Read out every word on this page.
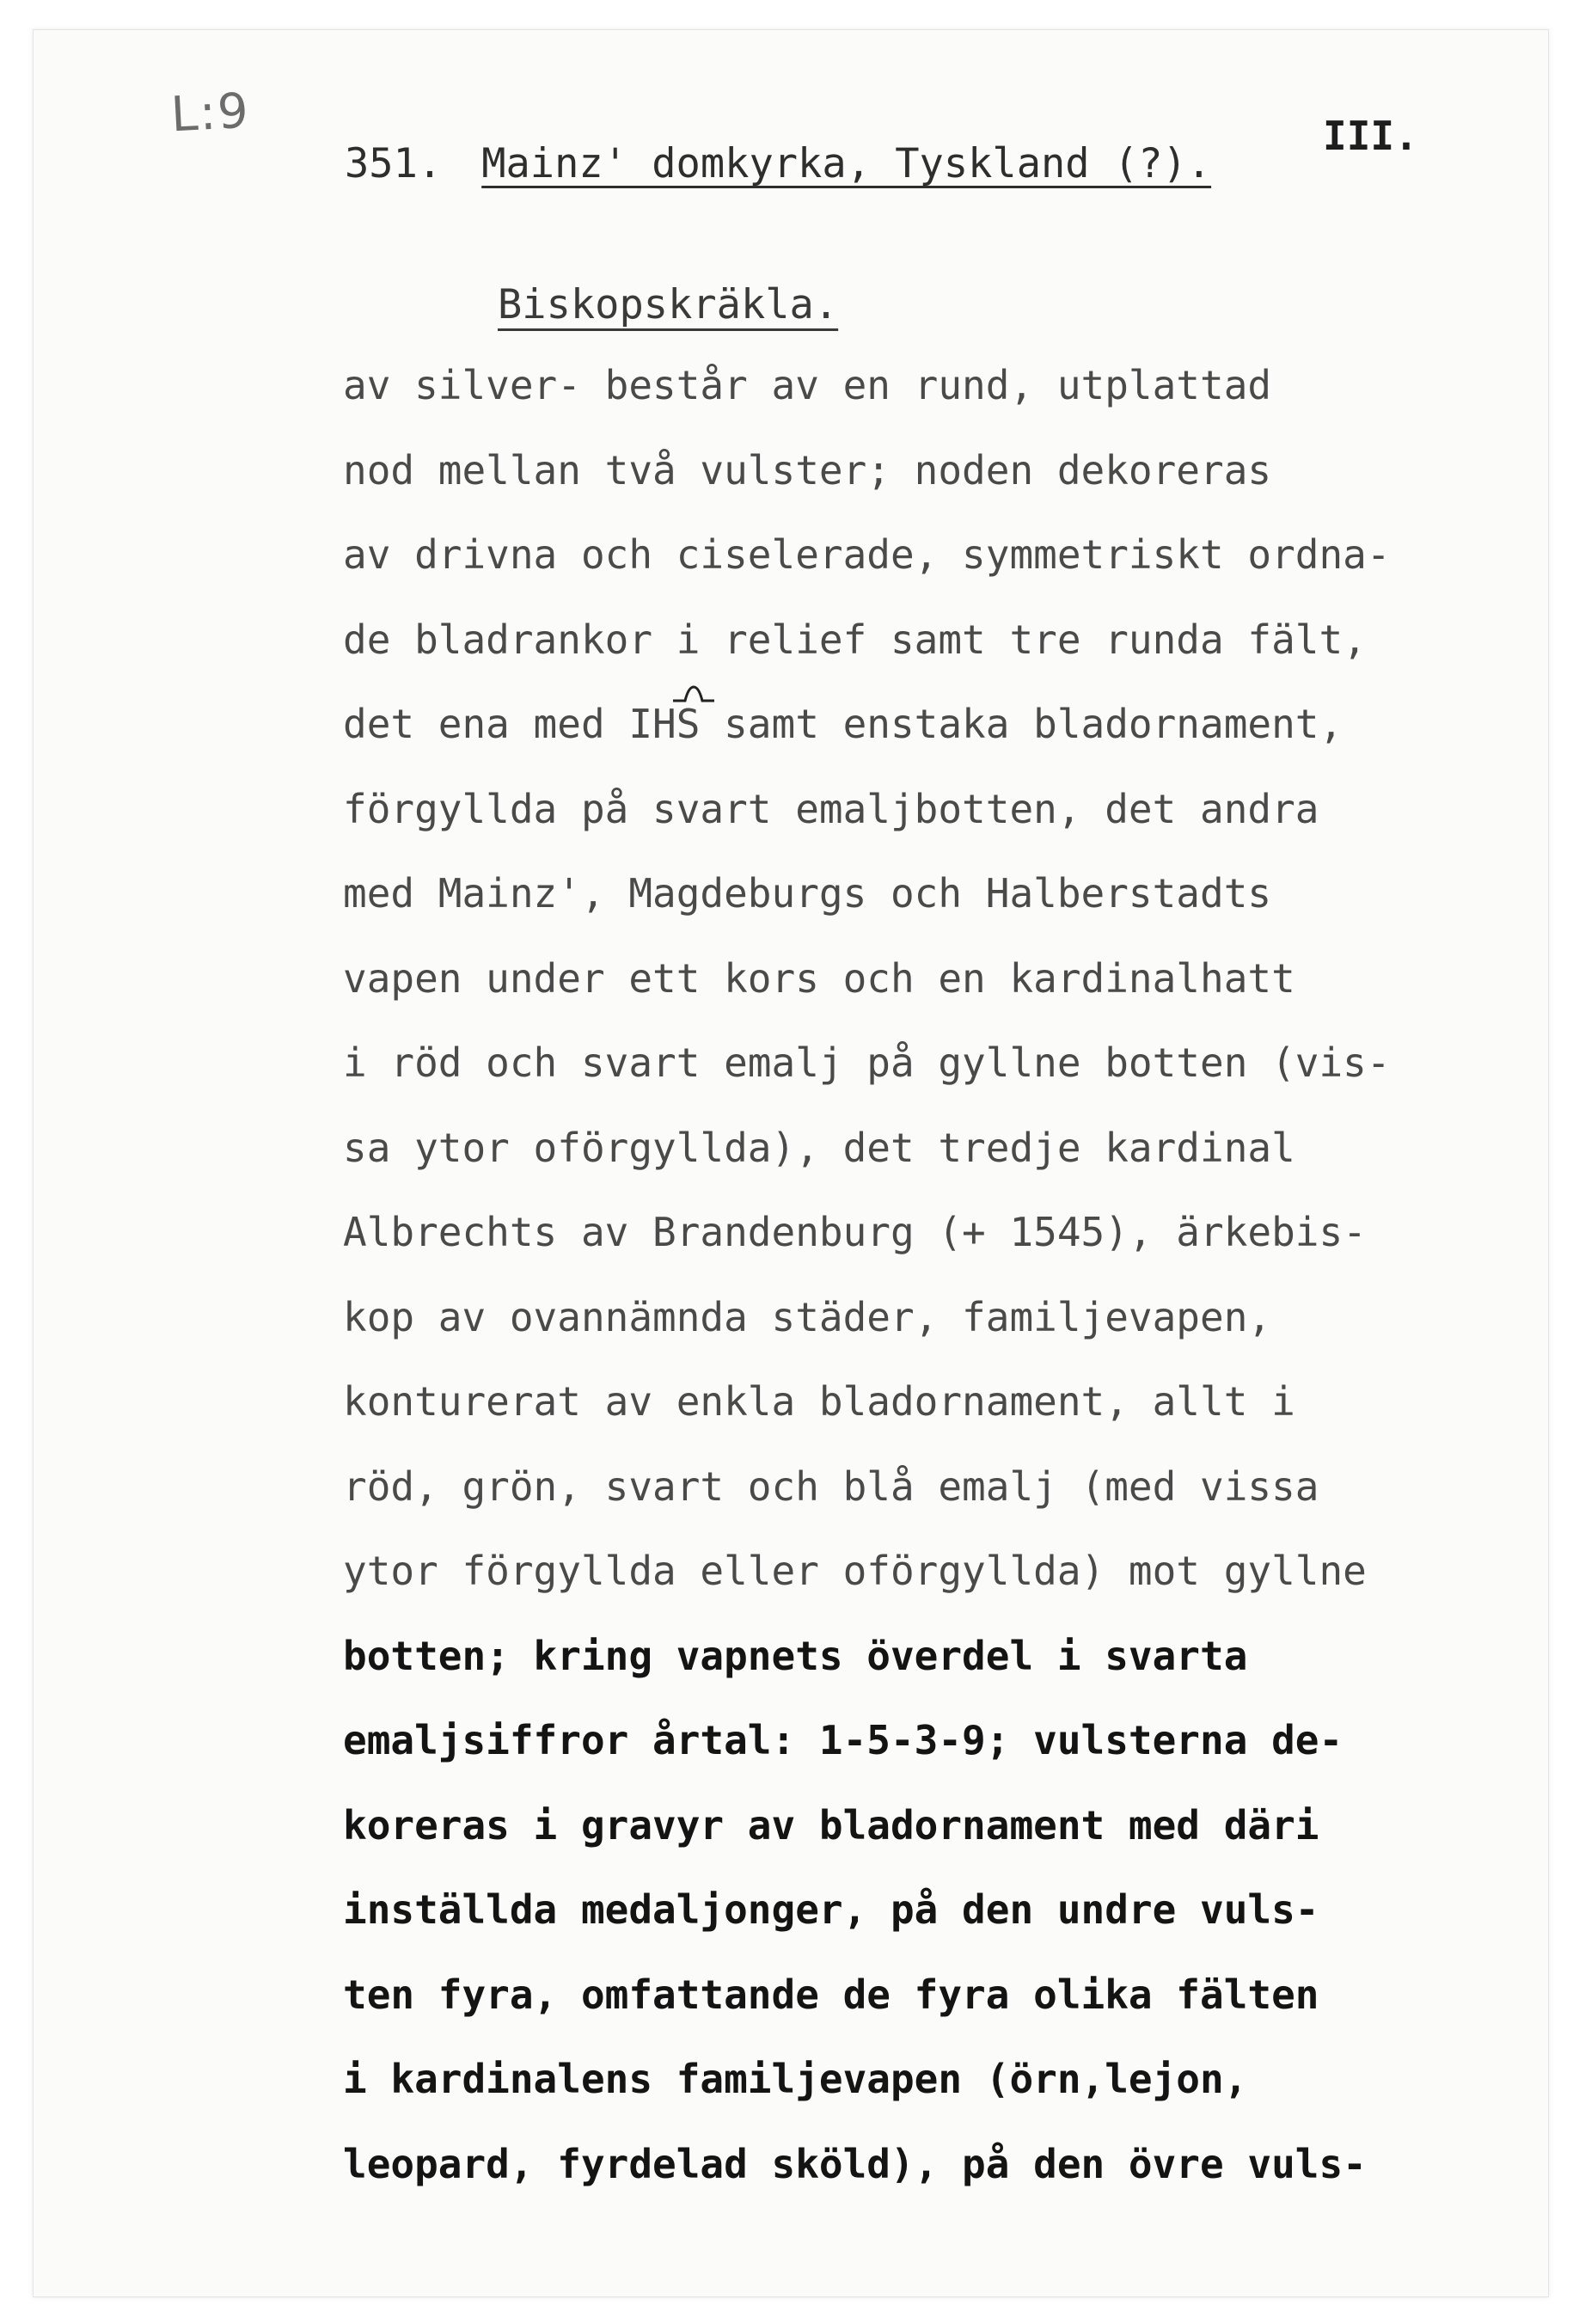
L:9
351. Mainz' domkyrka, Tyskland (?).
III.
Biskopskräkla.
av silver- består av en rund, utplattad
nod mellan två vulster; noden dekoreras
av drivna och ciselerade, symmetriskt ordna-
de bladrankor i relief samt tre runda fält,
det ena med IHS samt enstaka bladornament,
förgyllda på svart emaljbotten, det andra
med Mainz', Magdeburgs och Halberstadts
vapen under ett kors och en kardinalhatt
i röd och svart emalj på gyllne botten (vis-
sa ytor oförgyllda), det tredje kardinal
Albrechts av Brandenburg (+ 1545), ärkebis-
kop av ovannämnda städer, familjevapen,
konturerat av enkla bladornament, allt i
röd, grön, svart och blå emalj (med vissa
ytor förgyllda eller oförgyllda) mot gyllne
botten; kring vapnets överdel i svarta
emaljsiffror årtal: 1-5-3-9; vulsterna de-
koreras i gravyr av bladornament med däri
inställda medaljonger, på den undre vuls-
ten fyra, omfattande de fyra olika fälten
i kardinalens familjevapen (örn,lejon,
leopard, fyrdelad sköld), på den övre vuls-
